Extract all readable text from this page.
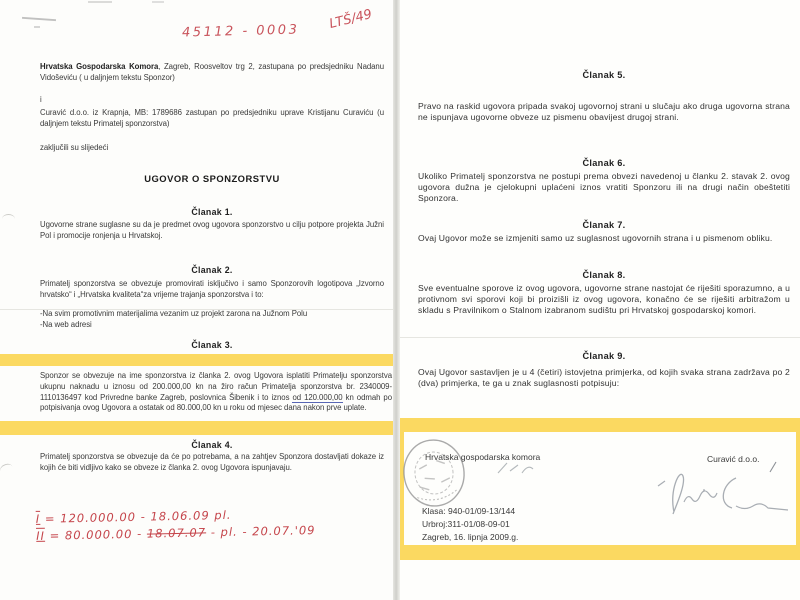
45112 - 0003 LTŠ/49
Hrvatska Gospodarska Komora, Zagreb, Roosveltov trg 2, zastupana po predsjedniku Nadanu Vidoševiću ( u daljnjem tekstu Sponzor)
i
Curavić d.o.o. iz Krapnja, MB: 1789686 zastupan po predsjedniku uprave Kristijanu Curaviću (u daljnjem tekstu Primatelj sponzorstva)
zaključili su slijedeći
UGOVOR O SPONZORSTVU
Članak 1.
Ugovorne strane suglasne su da je predmet ovog ugovora sponzorstvo u cilju potpore projekta Južni Pol i promocije ronjenja u Hrvatskoj.
Članak 2.
Primatelj sponzorstva se obvezuje promovirati isključivo i samo Sponzorovih logotipova „Izvorno hrvatsko“ i „Hrvatska kvaliteta“za vrijeme trajanja sponzorstva i to:
-Na svim promotivnim materijalima vezanim uz projekt zarona na Južnom Polu
-Na web adresi
Članak 3.
Sponzor se obvezuje na ime sponzorstva iz članka 2. ovog Ugovora isplatiti Primatelju sponzorstva ukupnu naknadu u iznosu od 200.000,00 kn na žiro račun Primatelja sponzorstva br. 2340009-1110136497 kod Privredne banke Zagreb, poslovnica Šibenik i to iznos od 120.000,00 kn odmah po potpisivanja ovog Ugovora a ostatak od 80.000,00 kn u roku od mjesec dana nakon prve uplate.
Članak 4.
Primatelj sponzorstva se obvezuje da će po potrebama, a na zahtjev Sponzora dostavljati dokaze iz kojih će biti vidljivo kako se obveze iz članka 2. ovog Ugovora ispunjavaju.
I = 120.000.00 - 18.06.09 pl.
II = 80.000.00 - 18.07.07 - pl. - 20.07.'09
Članak 5.
Pravo na raskid ugovora pripada svakoj ugovornoj strani u slučaju ako druga ugovorna strana ne ispunjava ugovorne obveze uz pismenu obavijest drugoj strani.
Članak 6.
Ukoliko Primatelj sponzorstva ne postupi prema obvezi navedenoj u članku 2. stavak 2. ovog ugovora dužna je cjelokupni uplaćeni iznos vratiti Sponzoru ili na drugi način obeštetiti Sponzora.
Članak 7.
Ovaj Ugovor može se izmjeniti samo uz suglasnost ugovornih strana i u pismenom obliku.
Članak 8.
Sve eventualne sporove iz ovog ugovora, ugovorne strane nastojat će riješiti sporazumno, a u protivnom svi sporovi koji bi proizišli iz ovog ugovora, konačno će se riješiti arbitražom u skladu s Pravilnikom o Stalnom izabranom sudištu pri Hrvatskoj gospodarskoj komori.
Članak 9.
Ovaj Ugovor sastavljen je u 4 (četiri) istovjetna primjerka, od kojih svaka strana zadržava po 2 (dva) primjerka, te ga u znak suglasnosti potpisuju:
Hrvatska gospodarska komora
Klasa: 940-01/09-13/144
Urbroj:311-01/08-09-01
Zagreb, 16. lipnja 2009.g.
Curavić d.o.o.
